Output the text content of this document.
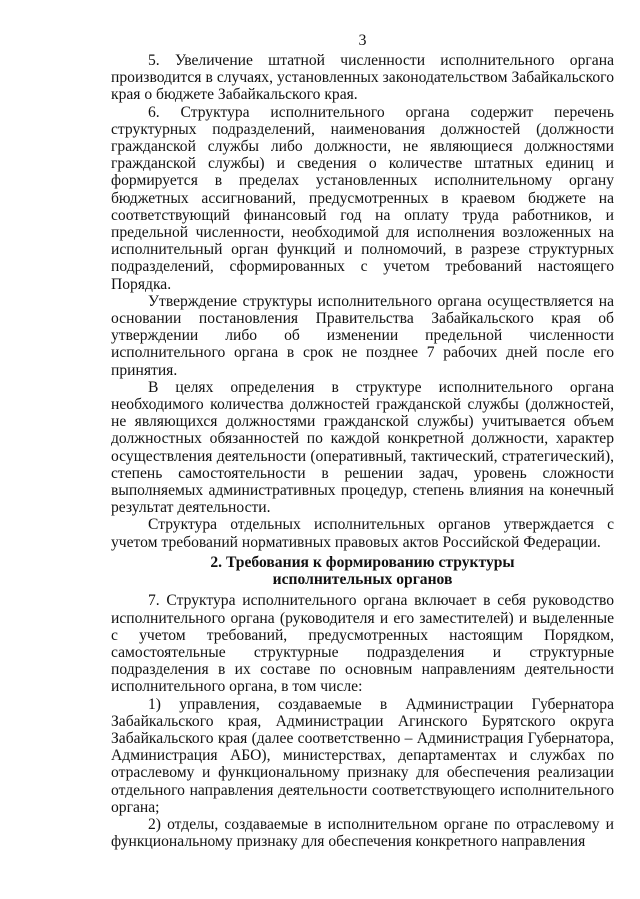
3

5. Увеличение штатной численности исполнительного органа производится в случаях, установленных законодательством Забайкальского края о бюджете Забайкальского края.

6. Структура исполнительного органа содержит перечень структурных подразделений, наименования должностей (должности гражданской службы либо должности, не являющиеся должностями гражданской службы) и сведения о количестве штатных единиц и формируется в пределах установленных исполнительному органу бюджетных ассигнований, предусмотренных в краевом бюджете на соответствующий финансовый год на оплату труда работников, и предельной численности, необходимой для исполнения возложенных на исполнительный орган функций и полномочий, в разрезе структурных подразделений, сформированных с учетом требований настоящего Порядка.

Утверждение структуры исполнительного органа осуществляется на основании постановления Правительства Забайкальского края об утверждении либо об изменении предельной численности исполнительного органа в срок не позднее 7 рабочих дней после его принятия.

В целях определения в структуре исполнительного органа необходимого количества должностей гражданской службы (должностей, не являющихся должностями гражданской службы) учитывается объем должностных обязанностей по каждой конкретной должности, характер осуществления деятельности (оперативный, тактический, стратегический), степень самостоятельности в решении задач, уровень сложности выполняемых административных процедур, степень влияния на конечный результат деятельности.

Структура отдельных исполнительных органов утверждается с учетом требований нормативных правовых актов Российской Федерации.

2. Требования к формированию структуры
исполнительных органов

7. Структура исполнительного органа включает в себя руководство исполнительного органа (руководителя и его заместителей) и выделенные с учетом требований, предусмотренных настоящим Порядком, самостоятельные структурные подразделения и структурные подразделения в их составе по основным направлениям деятельности исполнительного органа, в том числе:

1) управления, создаваемые в Администрации Губернатора Забайкальского края, Администрации Агинского Бурятского округа Забайкальского края (далее соответственно – Администрация Губернатора, Администрация АБО), министерствах, департаментах и службах по отраслевому и функциональному признаку для обеспечения реализации отдельного направления деятельности соответствующего исполнительного органа;

2) отделы, создаваемые в исполнительном органе по отраслевому и функциональному признаку для обеспечения конкретного направления
